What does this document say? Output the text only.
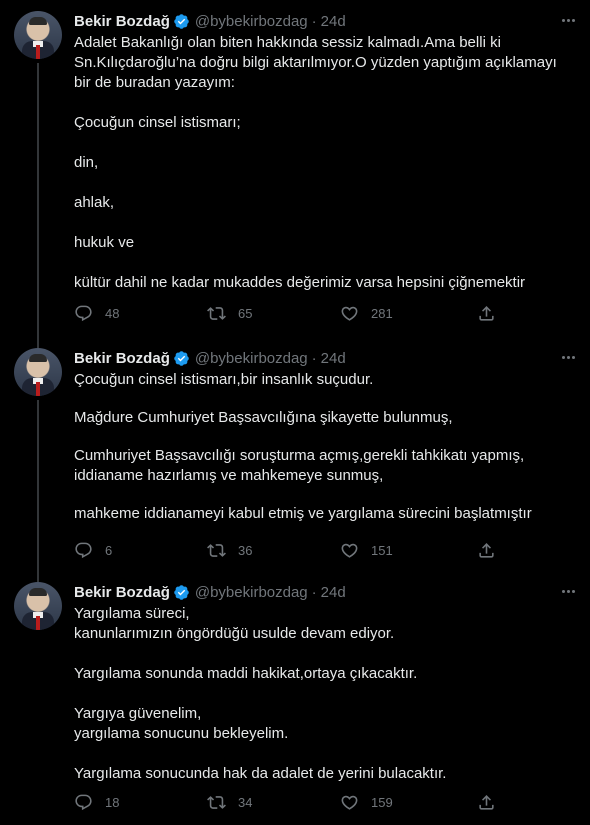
Bekir Bozdağ @bybekirbozdag · 24d

Adalet Bakanlığı olan biten hakkında sessiz kalmadı.Ama belli ki Sn.Kılıçdaroğlu’na doğru bilgi aktarılmıyor.O yüzden yaptığım açıklamayı bir de buradan yazayım:

Çocuğun cinsel istismarı;

din,

ahlak,

hukuk ve

kültür dahil ne kadar mukaddes değerimiz varsa hepsini çiğnemektir

48	65	281
Bekir Bozdağ @bybekirbozdag · 24d

Çocuğun cinsel istismarı,bir insanlık suçudur.

Mağdure Cumhuriyet Başsavcılığına şikayette bulunmuş,

Cumhuriyet Başsavcılığı soruşturma açmış,gerekli tahkikatı yapmış, iddianame hazırlamış ve mahkemeye sunmuş,

mahkeme iddianameyi kabul etmiş ve yargılama sürecini başlatmıştır

6	36	151
Bekir Bozdağ @bybekirbozdag · 24d

Yargılama süreci,
kanunlarımızın öngördüğü usulde devam ediyor.

Yargılama sonunda maddi hakikat,ortaya çıkacaktır.

Yargıya güvenelim,
yargılama sonucunu bekleyelim.

Yargılama sonucunda hak da adalet de yerini bulacaktır.

18	34	159
